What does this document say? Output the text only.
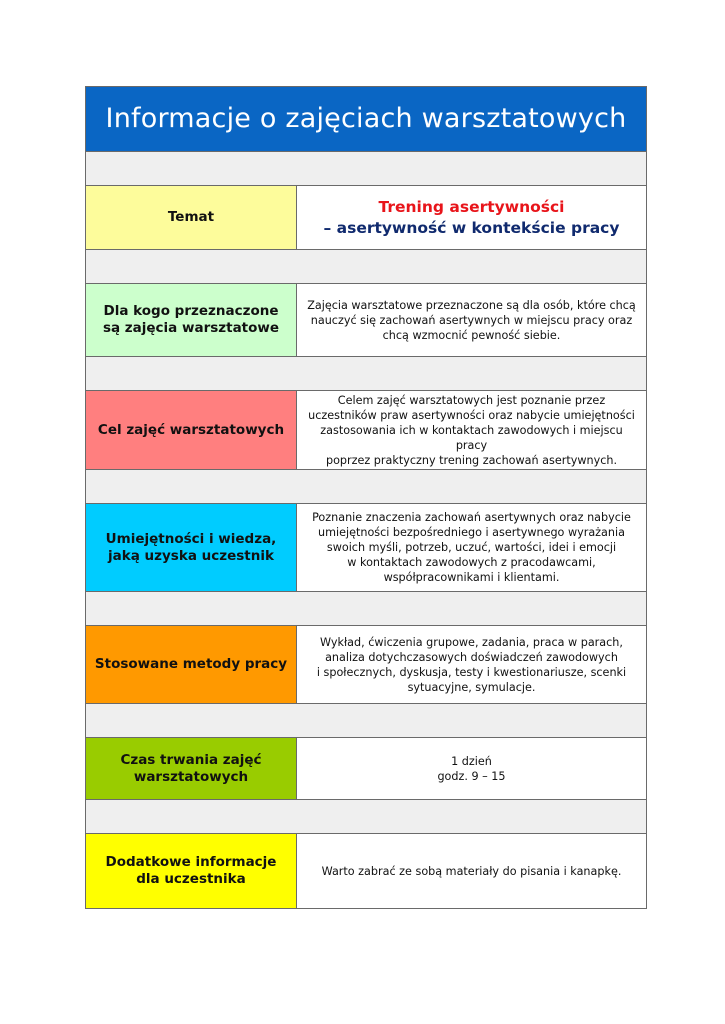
Informacje o zajęciach warsztatowych
Temat
Trening asertywności
– asertywność w kontekście pracy
Dla kogo przeznaczone są zajęcia warsztatowe
Zajęcia warsztatowe przeznaczone są dla osób, które chcą
nauczyć się zachowań asertywnych w miejscu pracy oraz
chcą wzmocnić pewność siebie.
Cel zajęć warsztatowych
Celem zajęć warsztatowych jest poznanie przez
uczestników praw asertywności oraz nabycie umiejętności
zastosowania ich w kontaktach zawodowych i miejscu pracy
poprzez praktyczny trening zachowań asertywnych.
Umiejętności i wiedza, jaką uzyska uczestnik
Poznanie znaczenia zachowań asertywnych oraz nabycie
umiejętności bezpośredniego i asertywnego wyrażania
swoich myśli, potrzeb, uczuć, wartości, idei i emocji
w kontaktach zawodowych z pracodawcami,
współpracownikami i klientami.
Stosowane metody pracy
Wykład, ćwiczenia grupowe, zadania, praca w parach,
analiza dotychczasowych doświadczeń zawodowych
i społecznych, dyskusja, testy i kwestionariusze, scenki
sytuacyjne, symulacje.
Czas trwania zajęć warsztatowych
1 dzień
godz. 9 – 15
Dodatkowe informacje dla uczestnika	Warto zabrać ze sobą materiały do pisania i kanapkę.
